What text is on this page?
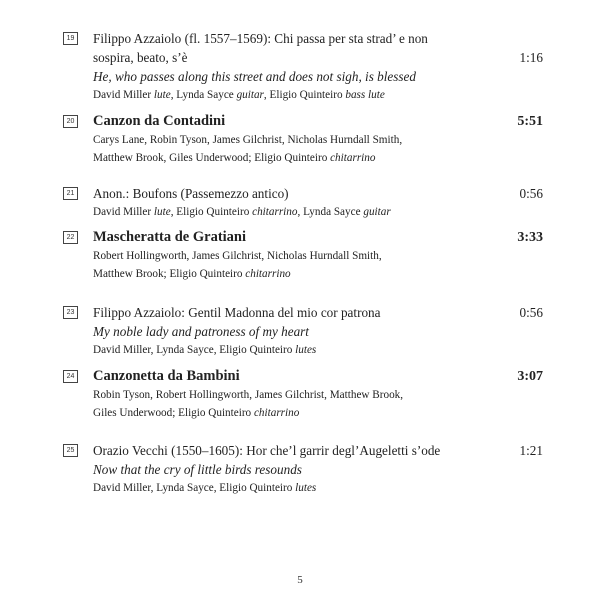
19 Filippo Azzaiolo (fl. 1557–1569): Chi passa per sta strad’ e non
sospira, beato, s’è
He, who passes along this street and does not sigh, is blessed
David Miller lute, Lynda Sayce guitar, Eligio Quinteiro bass lute
1:16
20 Canzon da Contadini
Carys Lane, Robin Tyson, James Gilchrist, Nicholas Hurndall Smith,
Matthew Brook, Giles Underwood; Eligio Quinteiro chitarrino
5:51
21 Anon.: Boufons (Passemezzo antico)
David Miller lute, Eligio Quinteiro chitarrino, Lynda Sayce guitar
0:56
22 Mascheratta de Gratiani
Robert Hollingworth, James Gilchrist, Nicholas Hurndall Smith,
Matthew Brook; Eligio Quinteiro chitarrino
3:33
23 Filippo Azzaiolo: Gentil Madonna del mio cor patrona
My noble lady and patroness of my heart
David Miller, Lynda Sayce, Eligio Quinteiro lutes
0:56
24 Canzonetta da Bambini
Robin Tyson, Robert Hollingworth, James Gilchrist, Matthew Brook,
Giles Underwood; Eligio Quinteiro chitarrino
3:07
25 Orazio Vecchi (1550–1605): Hor che’l garrir degl’Augeletti s’ode
Now that the cry of little birds resounds
David Miller, Lynda Sayce, Eligio Quinteiro lutes
1:21
5
